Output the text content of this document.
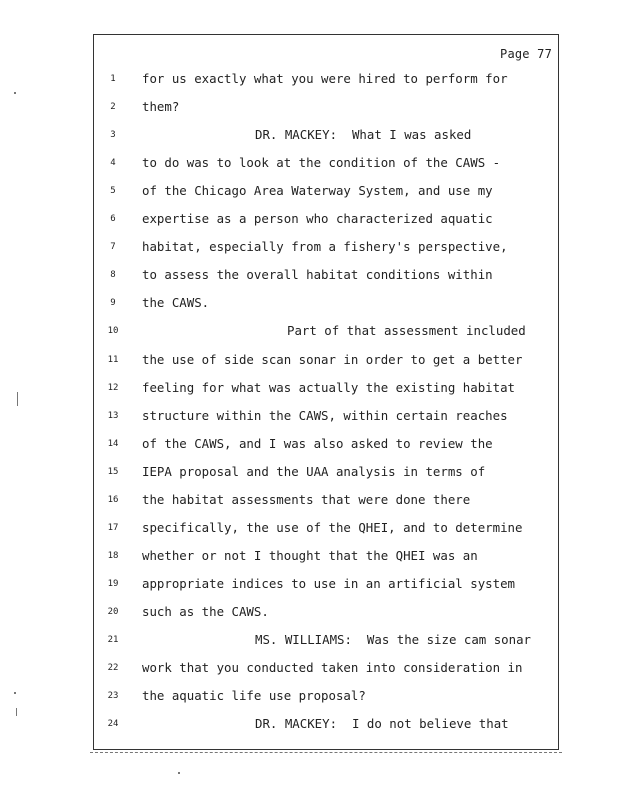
Page 77
1	for us exactly what you were hired to perform for
2	them?
3	DR. MACKEY:  What I was asked
4	to do was to look at the condition of the CAWS -
5	of the Chicago Area Waterway System, and use my
6	expertise as a person who characterized aquatic
7	habitat, especially from a fishery's perspective,
8	to assess the overall habitat conditions within
9	the CAWS.
10	Part of that assessment included
11	the use of side scan sonar in order to get a better
12	feeling for what was actually the existing habitat
13	structure within the CAWS, within certain reaches
14	of the CAWS, and I was also asked to review the
15	IEPA proposal and the UAA analysis in terms of
16	the habitat assessments that were done there
17	specifically, the use of the QHEI, and to determine
18	whether or not I thought that the QHEI was an
19	appropriate indices to use in an artificial system
20	such as the CAWS.
21	MS. WILLIAMS:  Was the size cam sonar
22	work that you conducted taken into consideration in
23	the aquatic life use proposal?
24	DR. MACKEY:  I do not believe that
